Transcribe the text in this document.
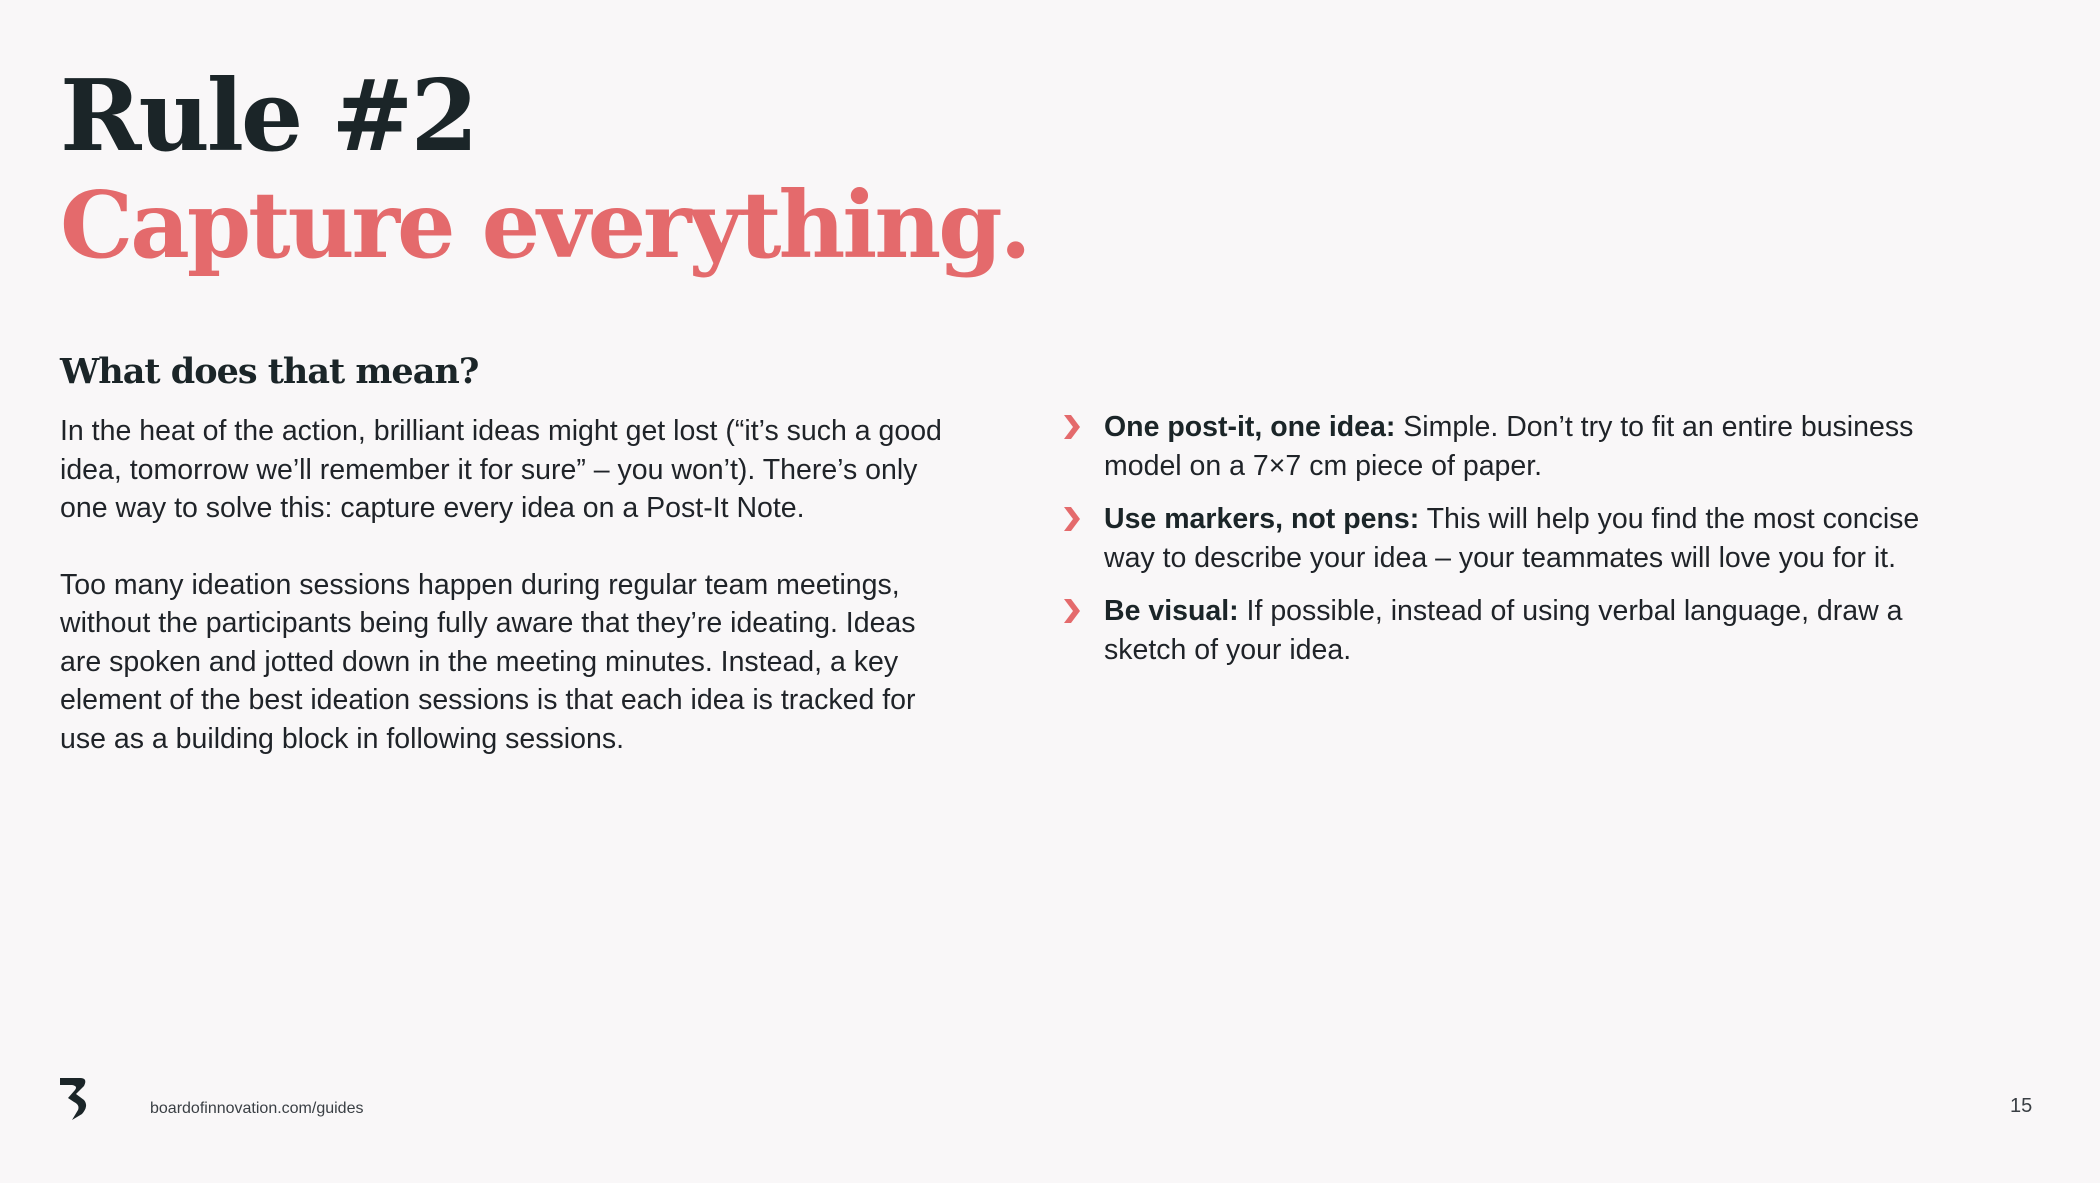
Rule #2
Capture everything.
What does that mean?

In the heat of the action, brilliant ideas might get lost (“it’s such a good idea, tomorrow we’ll remember it for sure” – you won’t). There’s only one way to solve this: capture every idea on a Post-It Note.

Too many ideation sessions happen during regular team meetings, without the participants being fully aware that they’re ideating. Ideas are spoken and jotted down in the meeting minutes. Instead, a key element of the best ideation sessions is that each idea is tracked for use as a building block in following sessions.

One post-it, one idea: Simple. Don’t try to fit an entire business model on a 7×7 cm piece of paper.
Use markers, not pens: This will help you find the most concise way to describe your idea – your teammates will love you for it.
Be visual: If possible, instead of using verbal language, draw a sketch of your idea.
boardofinnovation.com/guides	15
